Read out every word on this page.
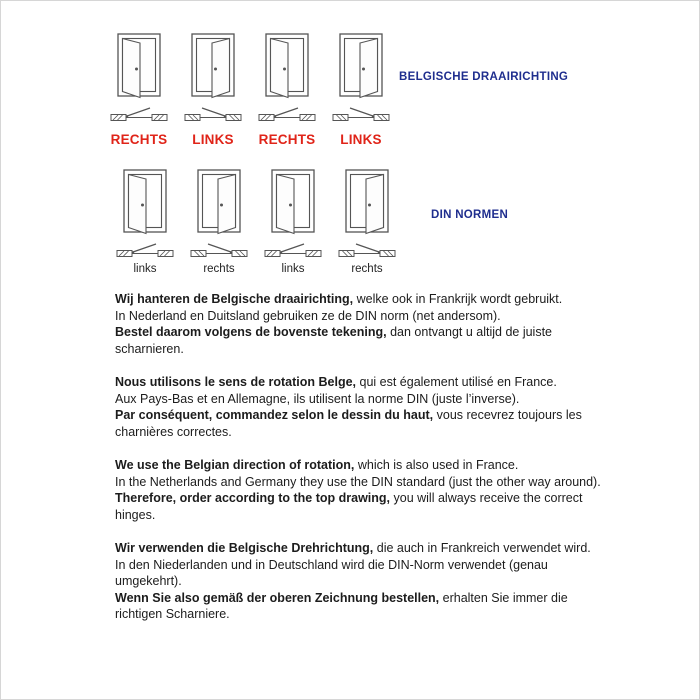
RECHTS LINKS RECHTS LINKS
BELGISCHE DRAAIRICHTING
links	rechts	links	rechts
DIN NORMEN

Wij hanteren de Belgische draairichting, welke ook in Frankrijk wordt gebruikt.
In Nederland en Duitsland gebruiken ze de DIN norm (net andersom).
Bestel daarom volgens de bovenste tekening, dan ontvangt u altijd de juiste scharnieren.

Nous utilisons le sens de rotation Belge, qui est également utilisé en France.
Aux Pays-Bas et en Allemagne, ils utilisent la norme DIN (juste l’inverse).
Par conséquent, commandez selon le dessin du haut, vous recevrez toujours les charnières correctes.

We use the Belgian direction of rotation, which is also used in France.
In the Netherlands and Germany they use the DIN standard (just the other way around).
Therefore, order according to the top drawing, you will always receive the correct hinges.

Wir verwenden die Belgische Drehrichtung, die auch in Frankreich verwendet wird.
In den Niederlanden und in Deutschland wird die DIN-Norm verwendet (genau umgekehrt).
Wenn Sie also gemäß der oberen Zeichnung bestellen, erhalten Sie immer die richtigen Scharniere.
